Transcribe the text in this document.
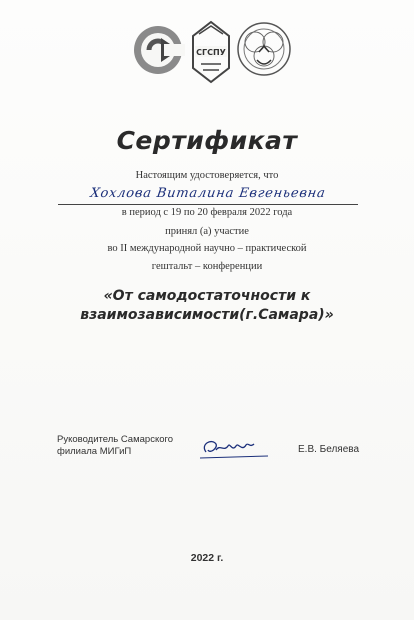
СГСПУ
Сертификат
Настоящим удостоверяется, что
Хохлова Виталина Евгеньевна
в период с 19 по 20 февраля 2022 года
принял (а) участие
во II международной научно – практической
гештальт – конференции
«От самодостаточности к
взаимозависимости(г.Самара)»
Руководитель Самарского
филиала МИГиП	Е.В. Беляева
2022 г.
